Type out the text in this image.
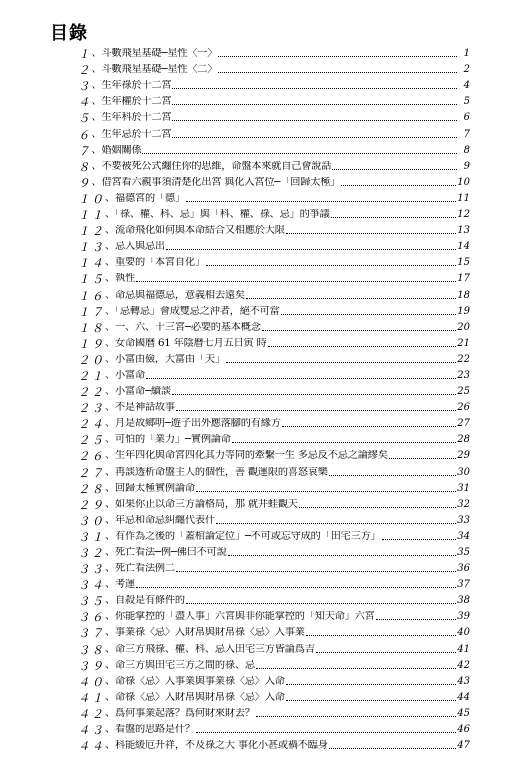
目錄
１ 、斗數飛星基礎─星性〈一〉	1
２ 、斗數飛星基礎─星性〈二〉	2
３ 、生年祿於十二宮	4
４ 、生年權於十二宮	5
５ 、生年科於十二宮	6
６ 、生年忌於十二宮	7
７ 、婚姻關係	8
８ 、不要被死公式纏住你的思維，命盤本來就自己會說話	9
９ 、借宮看六親事須清楚化出宮 與化入宮位─「回歸太極」	10
１０ 、福德宮的「德」	11
１１ 、「祿、權、科、忌」與「科、權、祿、忌」的爭議	12
１２ 、流命飛化如何與本命結合又相應於大限	13
１３ 、忌入與忌出	14
１４ 、重要的「本宮自化」	15
１５ 、執性	17
１６ 、命忌與福德忌，意義相去遠矣	18
１７ 、「忌轉忌」會成雙忌之沖者，絕不可當	19
１８ 、一、六、十三宮─必要的基本概念	20
１９ 、女命國曆 61 年陰曆七月五日寅 時	21
２０ 、小富由儉，大富由「天」	22
２１ 、小富命	23
２２ 、小富命─續談	25
２３ 、不是神話故事	26
２４ 、月是故鄉明─遊子出外應落腳的有緣方	27
２５ 、可怕的「業力」─實例論命	28
２６ 、生年四化與命宮四化其力等同的牽繫一生 多忌反不忌之論繆矣	29
２７ 、再談透析命盤主人的個性，善 觀運限的喜怒哀樂	30
２８ 、回歸太極實例論命	31
２９ 、如果你止以命三方論格局，那 就井蛙觀天	32
３０ 、年忌和命忌糾纏代表什	33
３１ 、有作為之後的「蓋棺論定位」─不可或忘守成的「田宅三方」	34
３２ 、死亡看法─例─佛曰不可說	35
３３ 、死亡看法例二	36
３４ 、考運	37
３５ 、自殺是有條件的	38
３６ 、你能掌控的「盡人事」六宮與非你能掌控的「知天命」六宮	39
３７ 、事業祿〈忌〉入財帛與財帛祿〈忌〉入事業	40
３８ 、命三方飛祿、權、科、忌入田宅三方皆論爲吉	41
３９ 、命三方與田宅三方之間的祿、忌	42
４０ 、命祿〈忌〉入事業與事業祿〈忌〉入命	43
４１ 、命祿〈忌〉入財帛與財帛祿〈忌〉入命	44
４２ 、爲何事業起落？爲何財來財去？	45
４３ 、看盤的思路是什？	46
４４ 、科能緩厄升祥，不及祿之大 事化小甚或禍不臨身	47
